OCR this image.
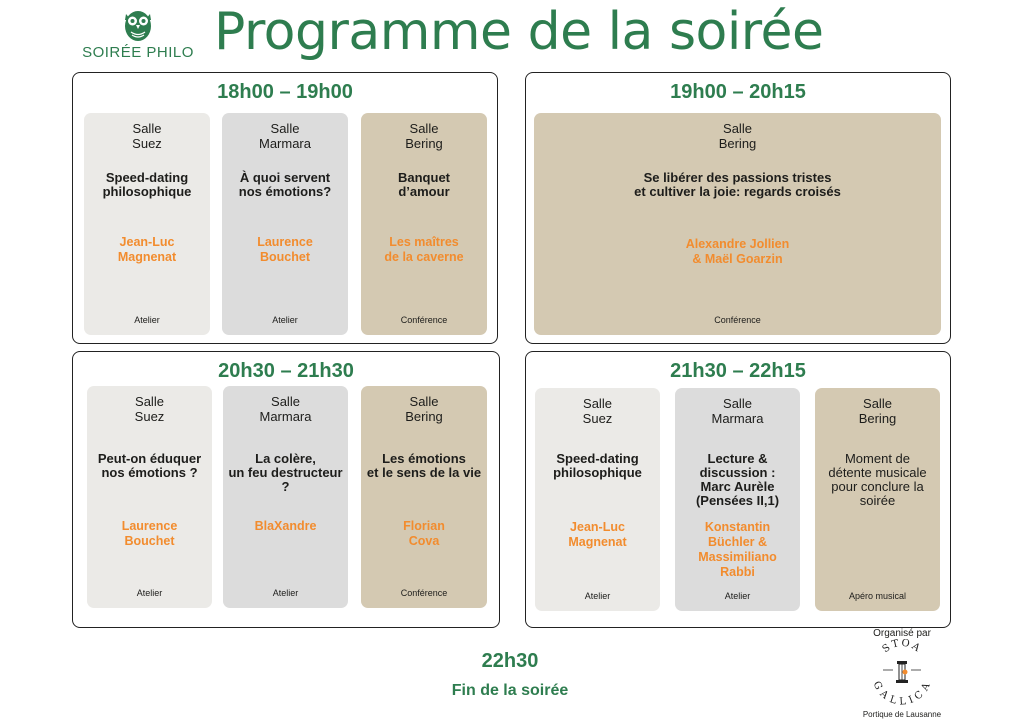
SOIRÉE PHILO Programme de la soirée
18h00 – 19h00
Salle
Suez
Speed-dating
philosophique
Jean-Luc
Magnenat
Atelier
Salle
Marmara
À quoi servent
nos émotions?
Laurence
Bouchet
Atelier
Salle
Bering
Banquet
d’amour
Les maîtres
de la caverne
Conférence
19h00 – 20h15
Salle
Bering
Se libérer des passions tristes
et cultiver la joie: regards croisés
Alexandre Jollien
& Maël Goarzin
Conférence
20h30 – 21h30
Salle
Suez
Peut-on éduquer
nos émotions ?
Laurence
Bouchet
Atelier
Salle
Marmara
La colère,
un feu destructeur ?
BlaXandre
Atelier
Salle
Bering
Les émotions
et le sens de la vie
Florian
Cova
Conférence
21h30 – 22h15
Salle
Suez
Speed-dating
philosophique
Jean-Luc
Magnenat
Atelier
Salle
Marmara
Lecture &
discussion :
Marc Aurèle
(Pensées II,1)
Konstantin
Büchler &
Massimiliano
Rabbi
Atelier
Salle
Bering
Moment de
détente musicale
pour conclure la
soirée
Apéro musical
22h30
Fin de la soirée
Organisé par
STOA
GALLICA
Portique de Lausanne
